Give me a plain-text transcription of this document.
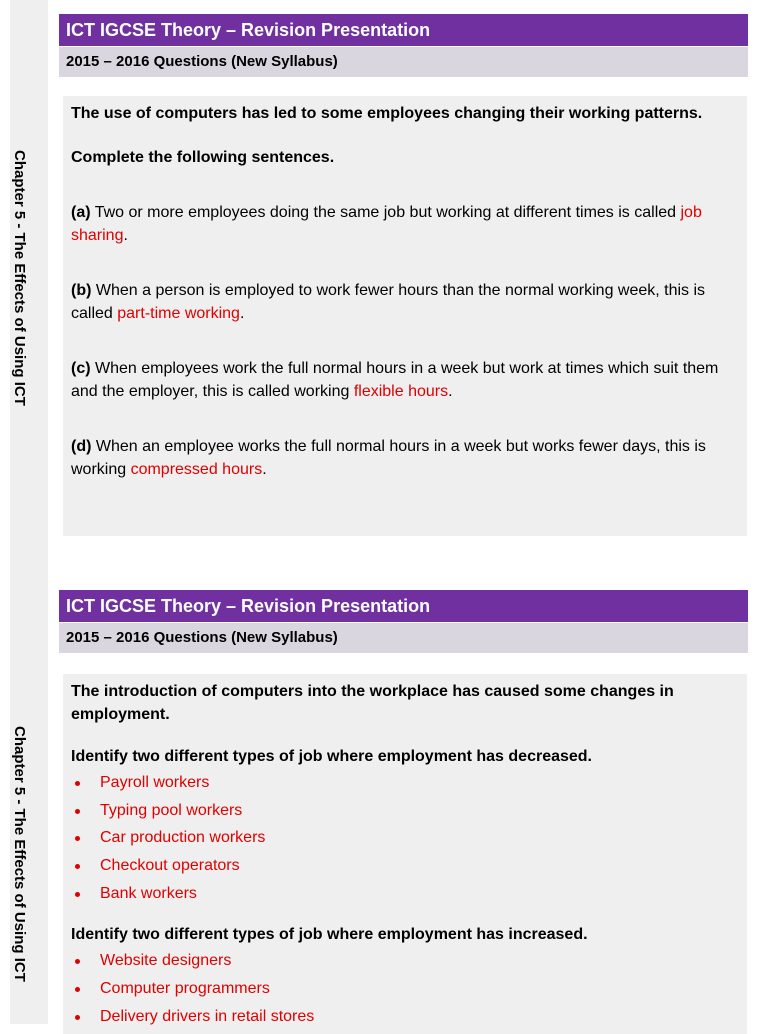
Chapter 5 - The Effects of Using ICT
ICT IGCSE Theory – Revision Presentation
2015 – 2016 Questions (New Syllabus)

The use of computers has led to some employees changing their working patterns.

Complete the following sentences.

(a) Two or more employees doing the same job but working at different times is called job sharing.

(b) When a person is employed to work fewer hours than the normal working week, this is called part-time working.

(c) When employees work the full normal hours in a week but work at times which suit them and the employer, this is called working flexible hours.

(d) When an employee works the full normal hours in a week but works fewer days, this is working compressed hours.

Chapter 5 - The Effects of Using ICT
ICT IGCSE Theory – Revision Presentation
2015 – 2016 Questions (New Syllabus)

The introduction of computers into the workplace has caused some changes in employment.

Identify two different types of job where employment has decreased.

Payroll workers
Typing pool workers
Car production workers
Checkout operators
Bank workers

Identify two different types of job where employment has increased.

Website designers
Computer programmers
Delivery drivers in retail stores
